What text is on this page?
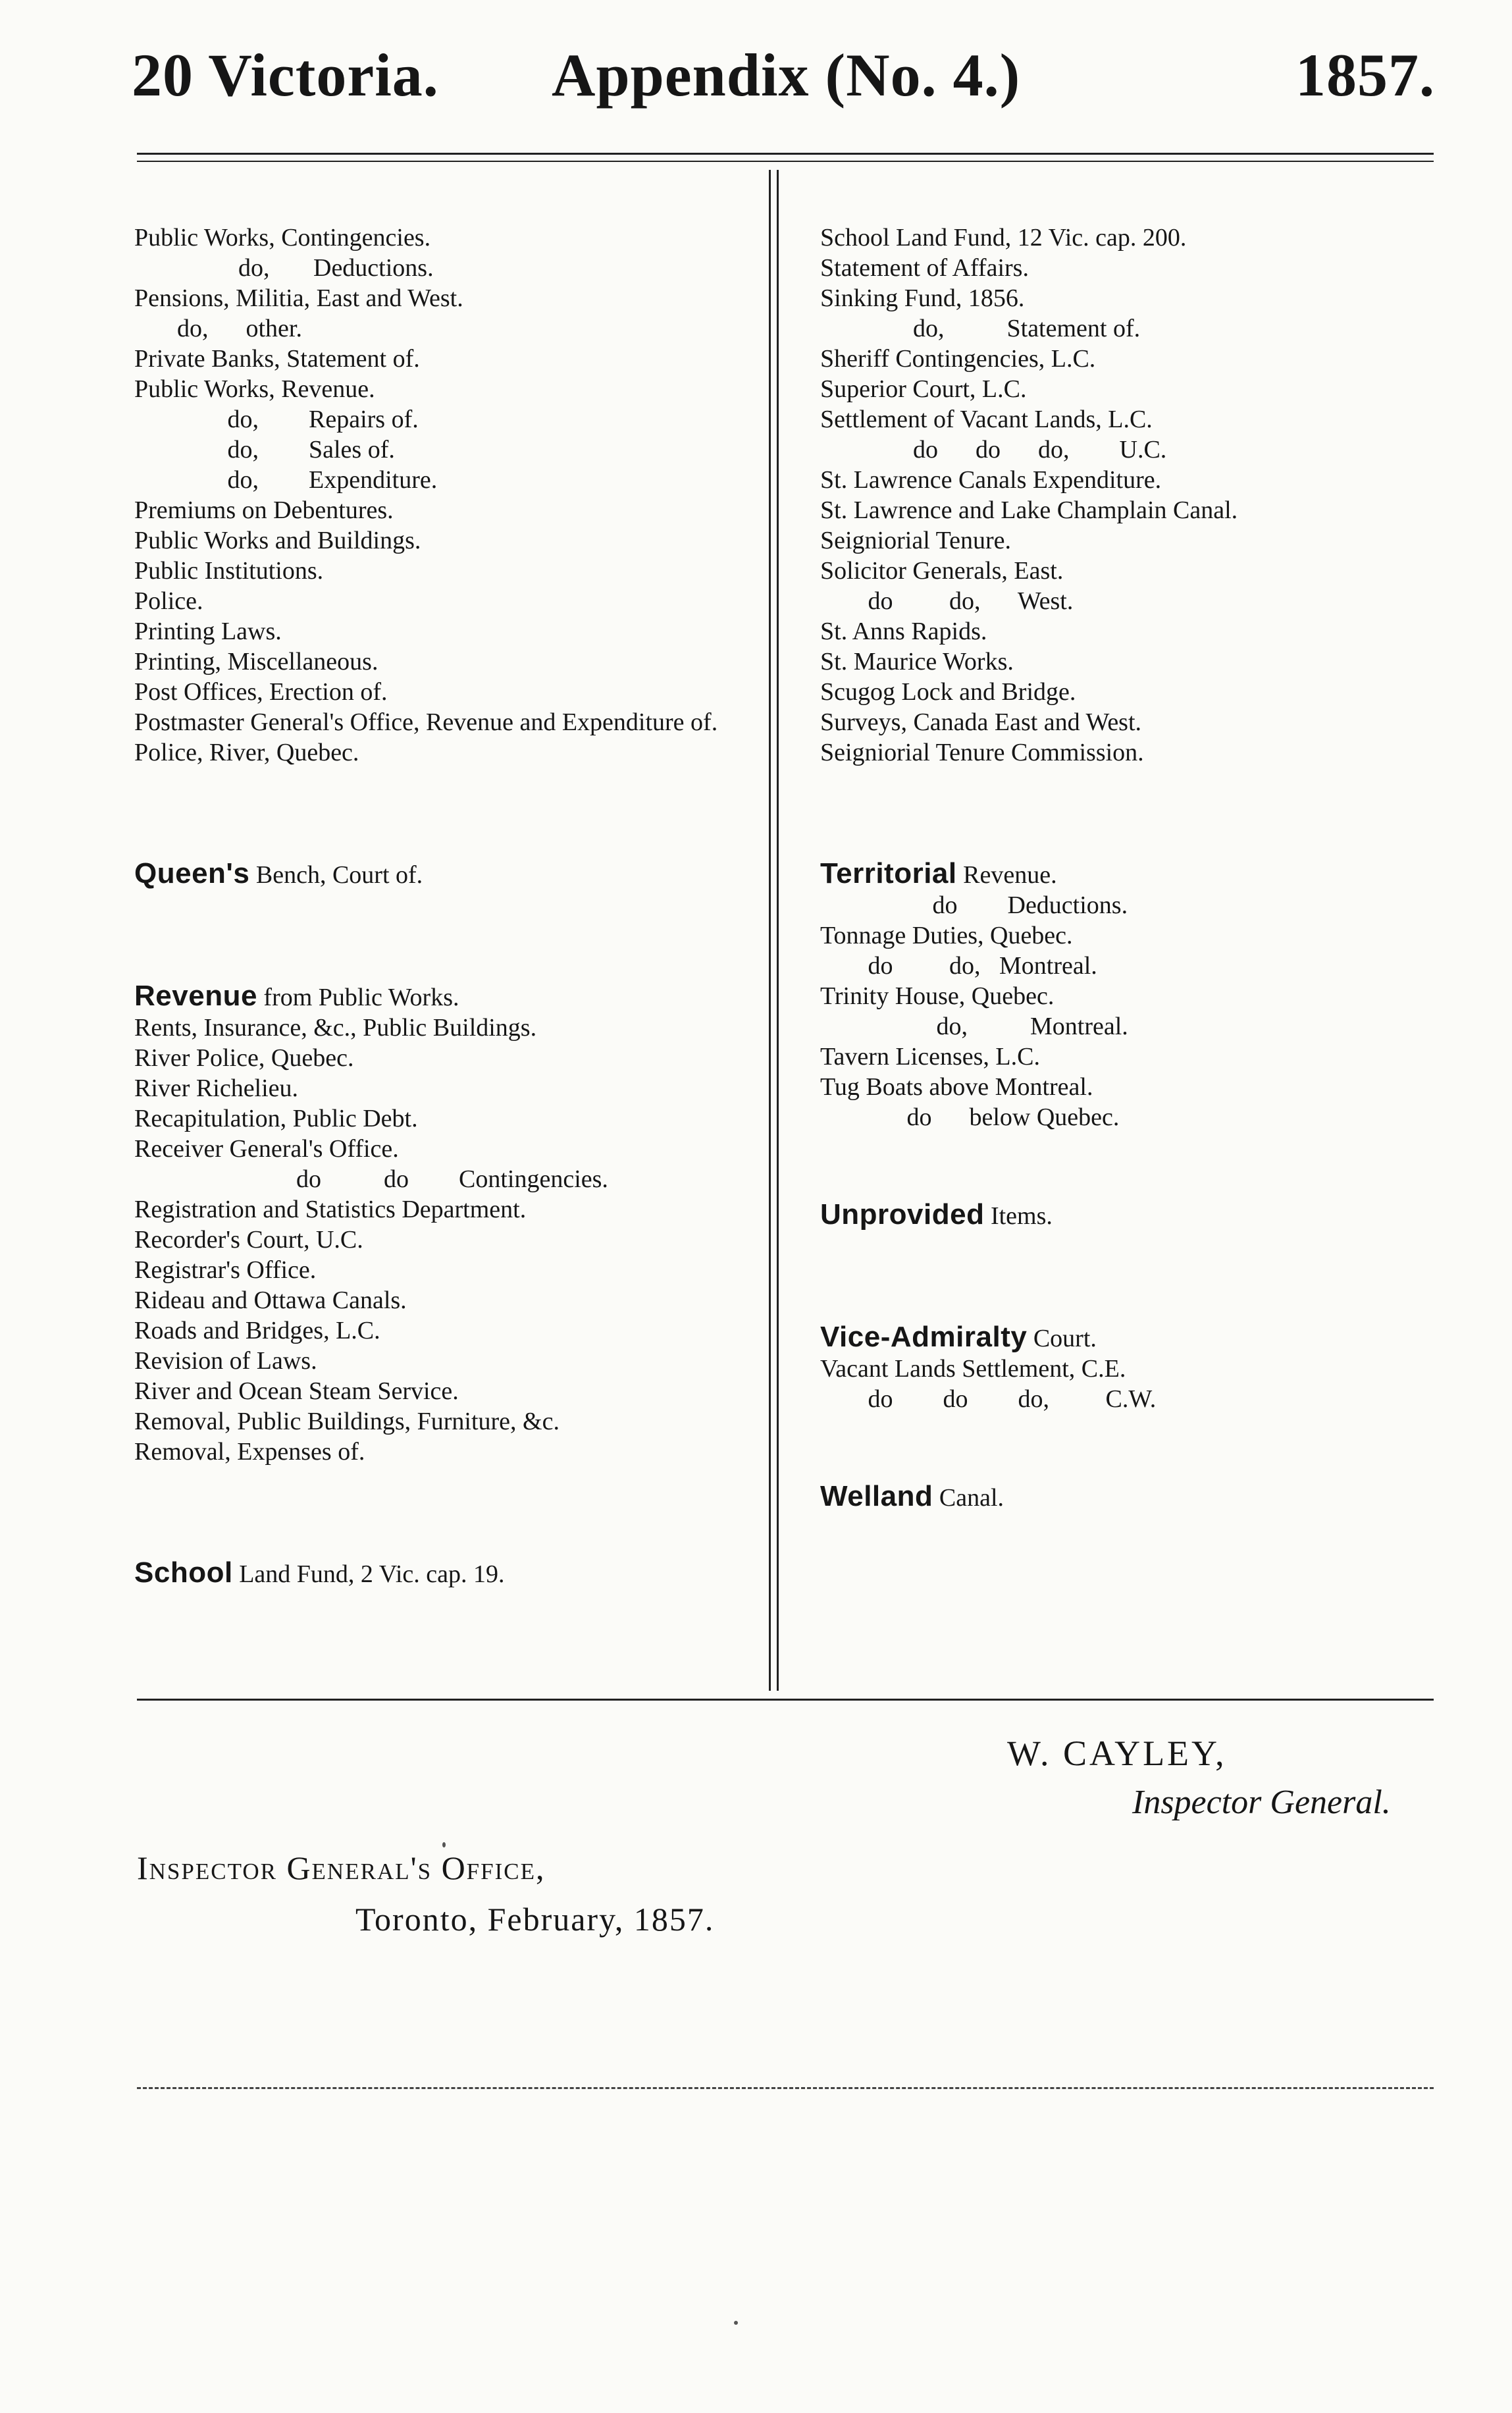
20 Victoria. Appendix (No. 4.)	1857.
Public Works, Contingencies.
do,       Deductions.
Pensions, Militia, East and West.
do,      other.
Private Banks, Statement of.
Public Works, Revenue.
do,        Repairs of.
do,        Sales of.
do,        Expenditure.
Premiums on Debentures.
Public Works and Buildings.
Public Institutions.
Police.
Printing Laws.
Printing, Miscellaneous.
Post Offices, Erection of.
Postmaster General's Office, Revenue and Expenditure of.
Police, River, Quebec.
Queen's Bench, Court of.
Revenue from Public Works.
Rents, Insurance, &c., Public Buildings.
River Police, Quebec.
River Richelieu.
Recapitulation, Public Debt.
Receiver General's Office.
do          do        Contingencies.
Registration and Statistics Department.
Recorder's Court, U.C.
Registrar's Office.
Rideau and Ottawa Canals.
Roads and Bridges, L.C.
Revision of Laws.
River and Ocean Steam Service.
Removal, Public Buildings, Furniture, &c.
Removal, Expenses of.
School Land Fund, 2 Vic. cap. 19.
School Land Fund, 12 Vic. cap. 200.
Statement of Affairs.
Sinking Fund, 1856.
do,          Statement of.
Sheriff Contingencies, L.C.
Superior Court, L.C.
Settlement of Vacant Lands, L.C.
do      do      do,        U.C.
St. Lawrence Canals Expenditure.
St. Lawrence and Lake Champlain Canal.
Seigniorial Tenure.
Solicitor Generals, East.
do         do,      West.
St. Anns Rapids.
St. Maurice Works.
Scugog Lock and Bridge.
Surveys, Canada East and West.
Seigniorial Tenure Commission.
Territorial Revenue.
do        Deductions.
Tonnage Duties, Quebec.
do         do,   Montreal.
Trinity House, Quebec.
do,          Montreal.
Tavern Licenses, L.C.
Tug Boats above Montreal.
do      below Quebec.
Unprovided Items.
Vice-Admiralty Court.
Vacant Lands Settlement, C.E.
do        do        do,         C.W.
Welland Canal.
W. CAYLEY,
Inspector General.
Inspector General's Office,
Toronto, February, 1857.
